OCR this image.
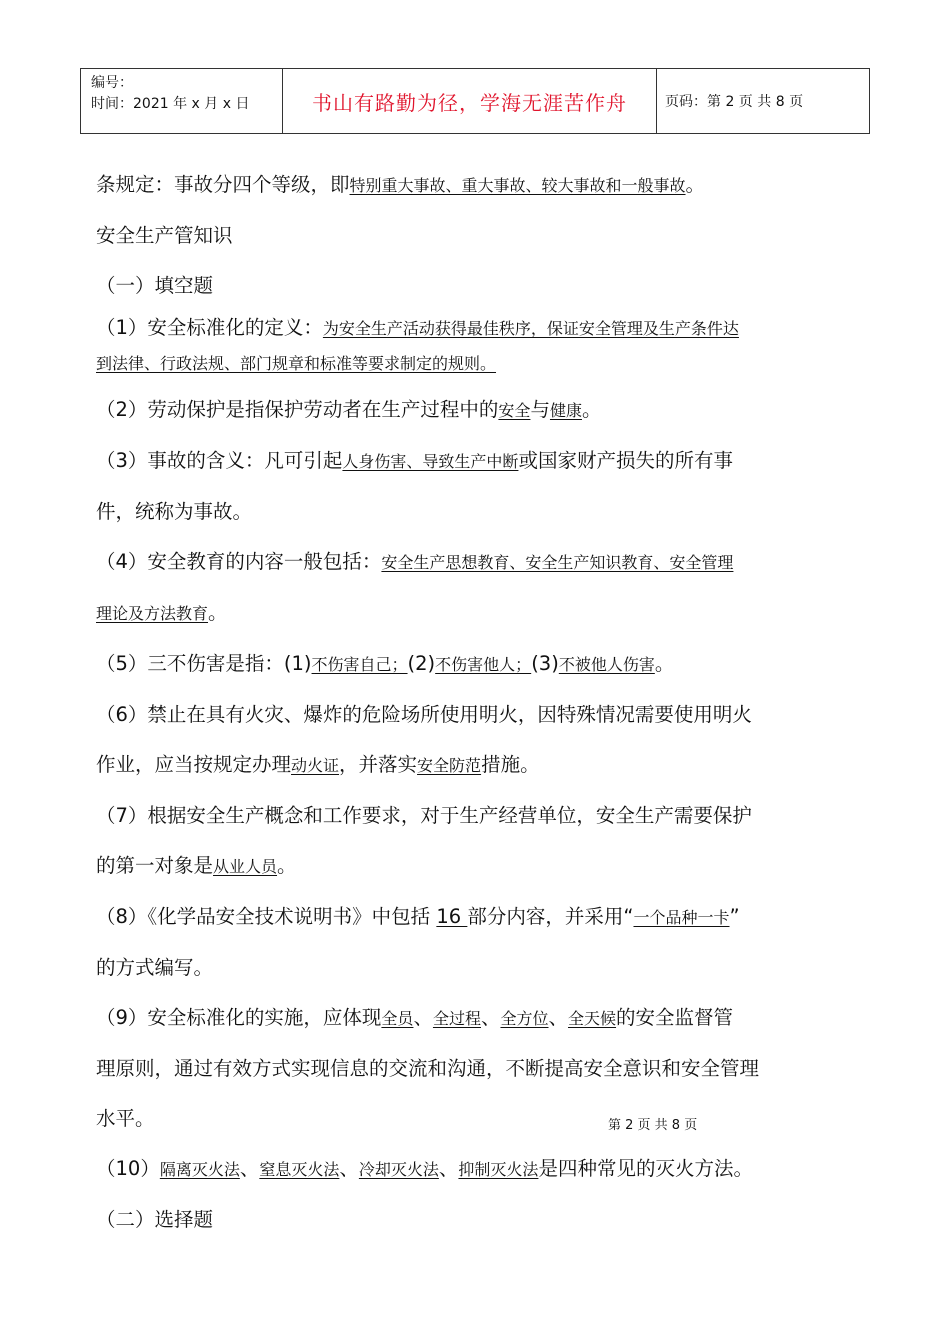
编号：
时间：2021 年 x 月 x 日	书山有路勤为径，学海无涯苦作舟	页码：第 2 页 共 8 页

条规定：事故分四个等级，即特别重大事故、重大事故、较大事故和一般事故。

安全生产管知识

（一）填空题

（1）安全标准化的定义：为安全生产活动获得最佳秩序，保证安全管理及生产条件达

到法律、行政法规、部门规章和标准等要求制定的规则。

（2）劳动保护是指保护劳动者在生产过程中的安全与健康。

（3）事故的含义：凡可引起人身伤害、导致生产中断或国家财产损失的所有事

件，统称为事故。

（4）安全教育的内容一般包括：安全生产思想教育、安全生产知识教育、安全管理

理论及方法教育。

（5）三不伤害是指：(1)不伤害自己；(2)不伤害他人；(3)不被他人伤害。

（6）禁止在具有火灾、爆炸的危险场所使用明火，因特殊情况需要使用明火

作业，应当按规定办理动火证，并落实安全防范措施。

（7）根据安全生产概念和工作要求，对于生产经营单位，安全生产需要保护

的第一对象是从业人员。

（8）《化学品安全技术说明书》中包括 16 部分内容，并采用“一个品种一卡”

的方式编写。

（9）安全标准化的实施，应体现全员、全过程、全方位、全天候的安全监督管

理原则，通过有效方式实现信息的交流和沟通，不断提高安全意识和安全管理

水平。

（10）隔离灭火法、窒息灭火法、冷却灭火法、抑制灭火法是四种常见的灭火方法。

（二）选择题

第 2 页 共 8 页
